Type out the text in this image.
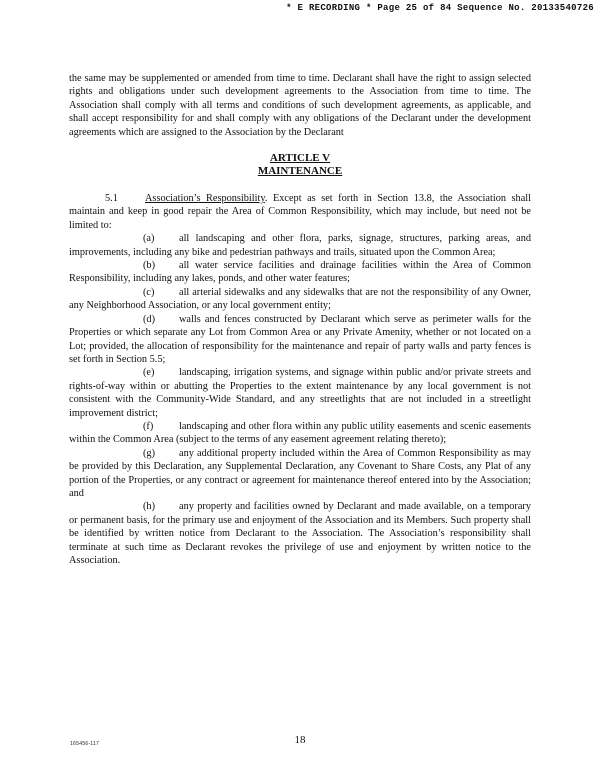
* E RECORDING * Page 25 of 84 Sequence No. 20133540726

the same may be supplemented or amended from time to time. Declarant shall have the right to assign selected rights and obligations under such development agreements to the Association from time to time. The Association shall comply with all terms and conditions of such development agreements, as applicable, and shall accept responsibility for and shall comply with any obligations of the Declarant under the development agreements which are assigned to the Association by the Declarant

ARTICLE V
MAINTENANCE

5.1	Association’s Responsibility. Except as set forth in Section 13.8, the Association shall maintain and keep in good repair the Area of Common Responsibility, which may include, but need not be limited to:

(a) all landscaping and other flora, parks, signage, structures, parking areas, and improvements, including any bike and pedestrian pathways and trails, situated upon the Common Area;

(b) all water service facilities and drainage facilities within the Area of Common Responsibility, including any lakes, ponds, and other water features;

(c) all arterial sidewalks and any sidewalks that are not the responsibility of any Owner, any Neighborhood Association, or any local government entity;

(d) walls and fences constructed by Declarant which serve as perimeter walls for the Properties or which separate any Lot from Common Area or any Private Amenity, whether or not located on a Lot; provided, the allocation of responsibility for the maintenance and repair of party walls and party fences is set forth in Section 5.5;

(e) landscaping, irrigation systems, and signage within public and/or private streets and rights-of-way within or abutting the Properties to the extent maintenance by any local government is not consistent with the Community-Wide Standard, and any streetlights that are not included in a streetlight improvement district;

(f) landscaping and other flora within any public utility easements and scenic easements within the Common Area (subject to the terms of any easement agreement relating thereto);

(g) any additional property included within the Area of Common Responsibility as may be provided by this Declaration, any Supplemental Declaration, any Covenant to Share Costs, any Plat of any portion of the Properties, or any contract or agreement for maintenance thereof entered into by the Association; and

(h) any property and facilities owned by Declarant and made available, on a temporary or permanent basis, for the primary use and enjoyment of the Association and its Members. Such property shall be identified by written notice from Declarant to the Association. The Association’s responsibility shall terminate at such time as Declarant revokes the privilege of use and enjoyment by written notice to the Association.

165456-117	18
